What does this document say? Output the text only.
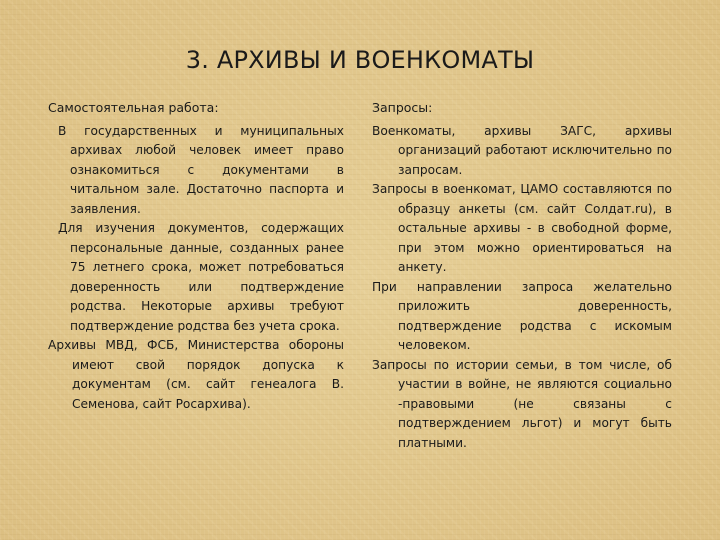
3. АРХИВЫ И ВОЕНКОМАТЫ
Самостоятельная работа:

В государственных и муниципальных архивах любой человек имеет право ознакомиться с документами в читальном зале. Достаточно паспорта и заявления.

Для изучения документов, содержащих персональные данные, созданных ранее 75 летнего срока, может потребоваться доверенность или подтверждение родства. Некоторые архивы требуют подтверждение родства без учета срока.

Архивы МВД, ФСБ, Министерства обороны имеют свой порядок допуска к документам (см. сайт генеалога В. Семенова, сайт Росархива).

Запросы:

Военкоматы, архивы ЗАГС, архивы организаций работают исключительно по запросам.

Запросы в военкомат, ЦАМО составляются по образцу анкеты (см. сайт Солдат.ru), в остальные архивы - в свободной форме, при этом можно ориентироваться на анкету.

При направлении запроса желательно приложить доверенность, подтверждение родства с искомым человеком.

Запросы по истории семьи, в том числе, об участии в войне, не являются социально -правовыми (не связаны с подтверждением льгот) и могут быть платными.
